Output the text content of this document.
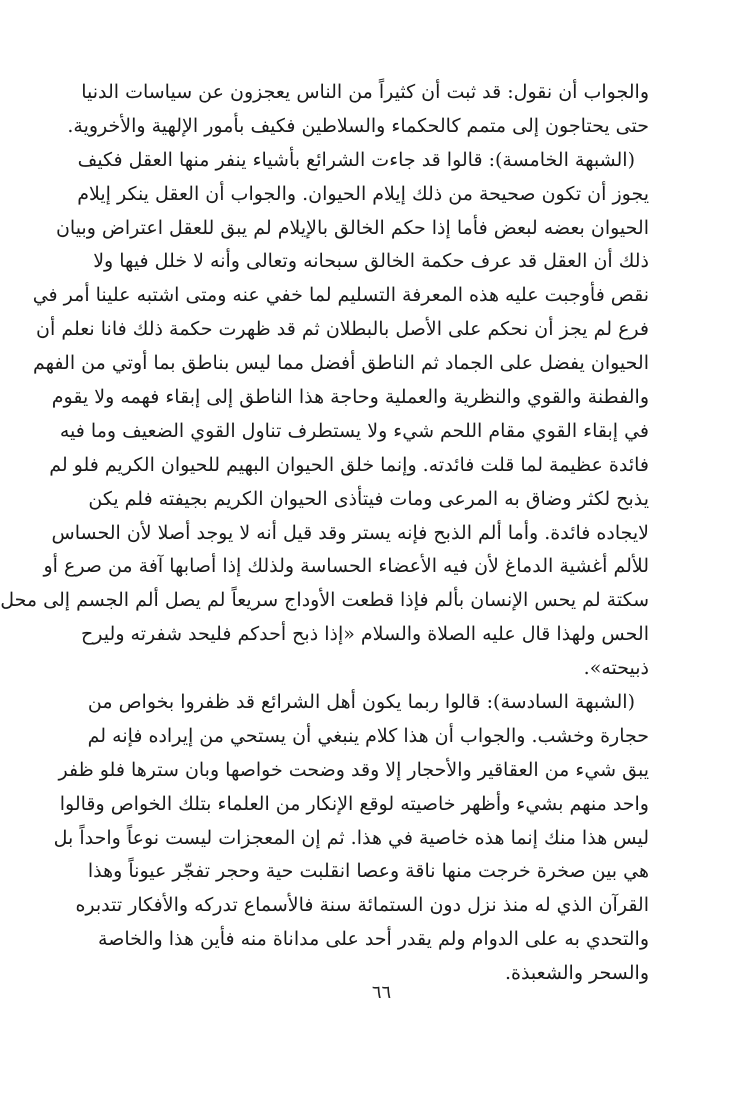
والجواب أن نقول: قد ثبت أن كثيراً من الناس يعجزون عن سياسات الدنيا
حتى يحتاجون إلى متمم كالحكماء والسلاطين فكيف بأمور الإلهية والأخروية.
(الشبهة الخامسة): قالوا قد جاءت الشرائع بأشياء ينفر منها العقل فكيف
يجوز أن تكون صحيحة من ذلك إيلام الحيوان. والجواب أن العقل ينكر إيلام
الحيوان بعضه لبعض فأما إذا حكم الخالق بالإيلام لم يبق للعقل اعتراض وبيان
ذلك أن العقل قد عرف حكمة الخالق سبحانه وتعالى وأنه لا خلل فيها ولا
نقص فأوجبت عليه هذه المعرفة التسليم لما خفي عنه ومتى اشتبه علينا أمر في
فرع لم يجز أن نحكم على الأصل بالبطلان ثم قد ظهرت حكمة ذلك فانا نعلم أن
الحيوان يفضل على الجماد ثم الناطق أفضل مما ليس بناطق بما أوتي من الفهم
والفطنة والقوي والنظرية والعملية وحاجة هذا الناطق إلى إبقاء فهمه ولا يقوم
في إبقاء القوي مقام اللحم شيء ولا يستطرف تناول القوي الضعيف وما فيه
فائدة عظيمة لما قلت فائدته. وإنما خلق الحيوان البهيم للحيوان الكريم فلو لم
يذبح لكثر وضاق به المرعى ومات فيتأذى الحيوان الكريم بجيفته فلم يكن
لايجاده فائدة. وأما ألم الذبح فإنه يستر وقد قيل أنه لا يوجد أصلا لأن الحساس
للألم أغشية الدماغ لأن فيه الأعضاء الحساسة ولذلك إذا أصابها آفة من صرع أو
سكتة لم يحس الإنسان بألم فإذا قطعت الأوداج سريعاً لم يصل ألم الجسم إلى محل
الحس ولهذا قال عليه الصلاة والسلام «إذا ذبح أحدكم فليحد شفرته وليرح
ذبيحته».
(الشبهة السادسة): قالوا ربما يكون أهل الشرائع قد ظفروا بخواص من
حجارة وخشب. والجواب أن هذا كلام ينبغي أن يستحي من إيراده فإنه لم
يبق شيء من العقاقير والأحجار إلا وقد وضحت خواصها وبان سترها فلو ظفر
واحد منهم بشيء وأظهر خاصيته لوقع الإنكار من العلماء بتلك الخواص وقالوا
ليس هذا منك إنما هذه خاصية في هذا. ثم إن المعجزات ليست نوعاً واحداً بل
هي بين صخرة خرجت منها ناقة وعصا انقلبت حية وحجر تفجّر عيوناً وهذا
القرآن الذي له منذ نزل دون الستمائة سنة فالأسماع تدركه والأفكار تتدبره
والتحدي به على الدوام ولم يقدر أحد على مداناة منه فأين هذا والخاصة
والسحر والشعبذة.
٦٦
